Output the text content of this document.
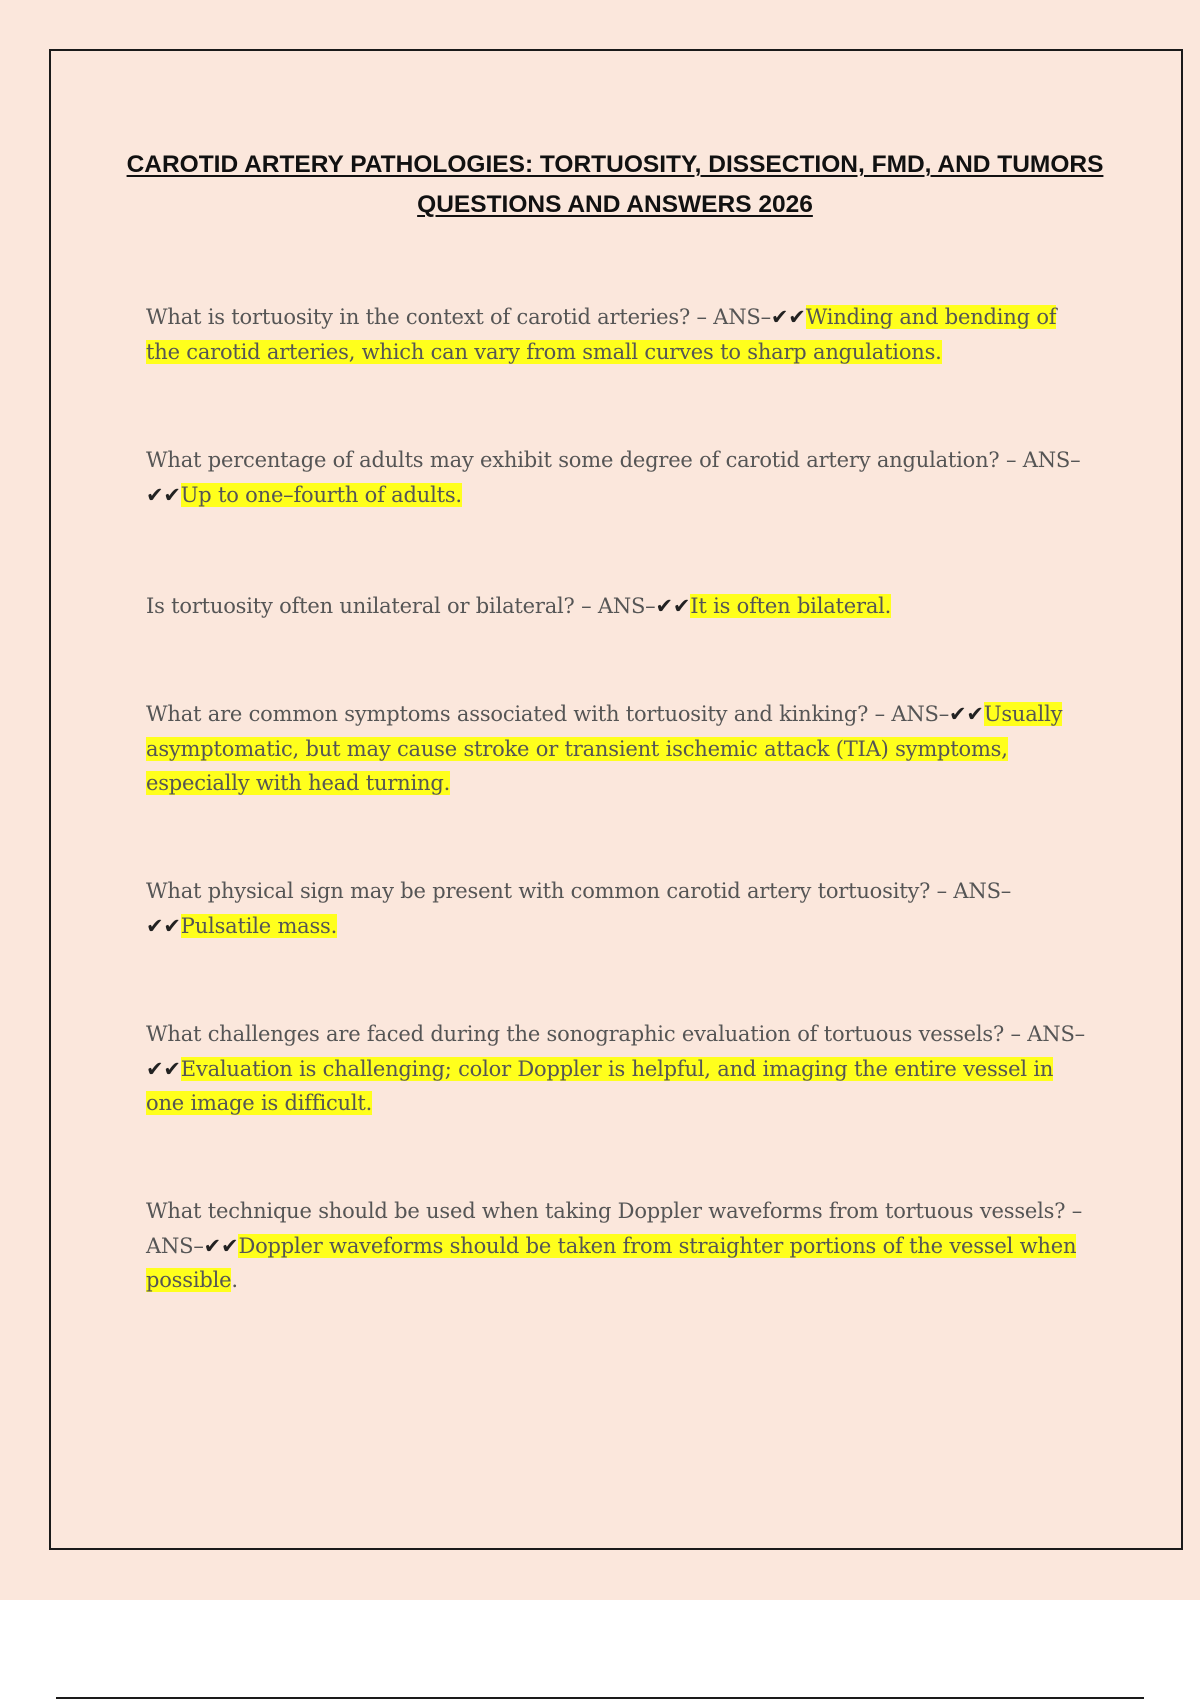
CAROTID ARTERY PATHOLOGIES: TORTUOSITY, DISSECTION, FMD, AND TUMORS
QUESTIONS AND ANSWERS 2026

What is tortuosity in the context of carotid arteries? – ANS–✔✔Winding and bending of the carotid arteries, which can vary from small curves to sharp angulations.

What percentage of adults may exhibit some degree of carotid artery angulation? – ANS–✔✔Up to one–fourth of adults.

Is tortuosity often unilateral or bilateral? – ANS–✔✔It is often bilateral.

What are common symptoms associated with tortuosity and kinking? – ANS–✔✔Usually asymptomatic, but may cause stroke or transient ischemic attack (TIA) symptoms, especially with head turning.

What physical sign may be present with common carotid artery tortuosity? – ANS–✔✔Pulsatile mass.

What challenges are faced during the sonographic evaluation of tortuous vessels? – ANS–✔✔Evaluation is challenging; color Doppler is helpful, and imaging the entire vessel in one image is difficult.

What technique should be used when taking Doppler waveforms from tortuous vessels? – ANS–✔✔Doppler waveforms should be taken from straighter portions of the vessel when possible.
